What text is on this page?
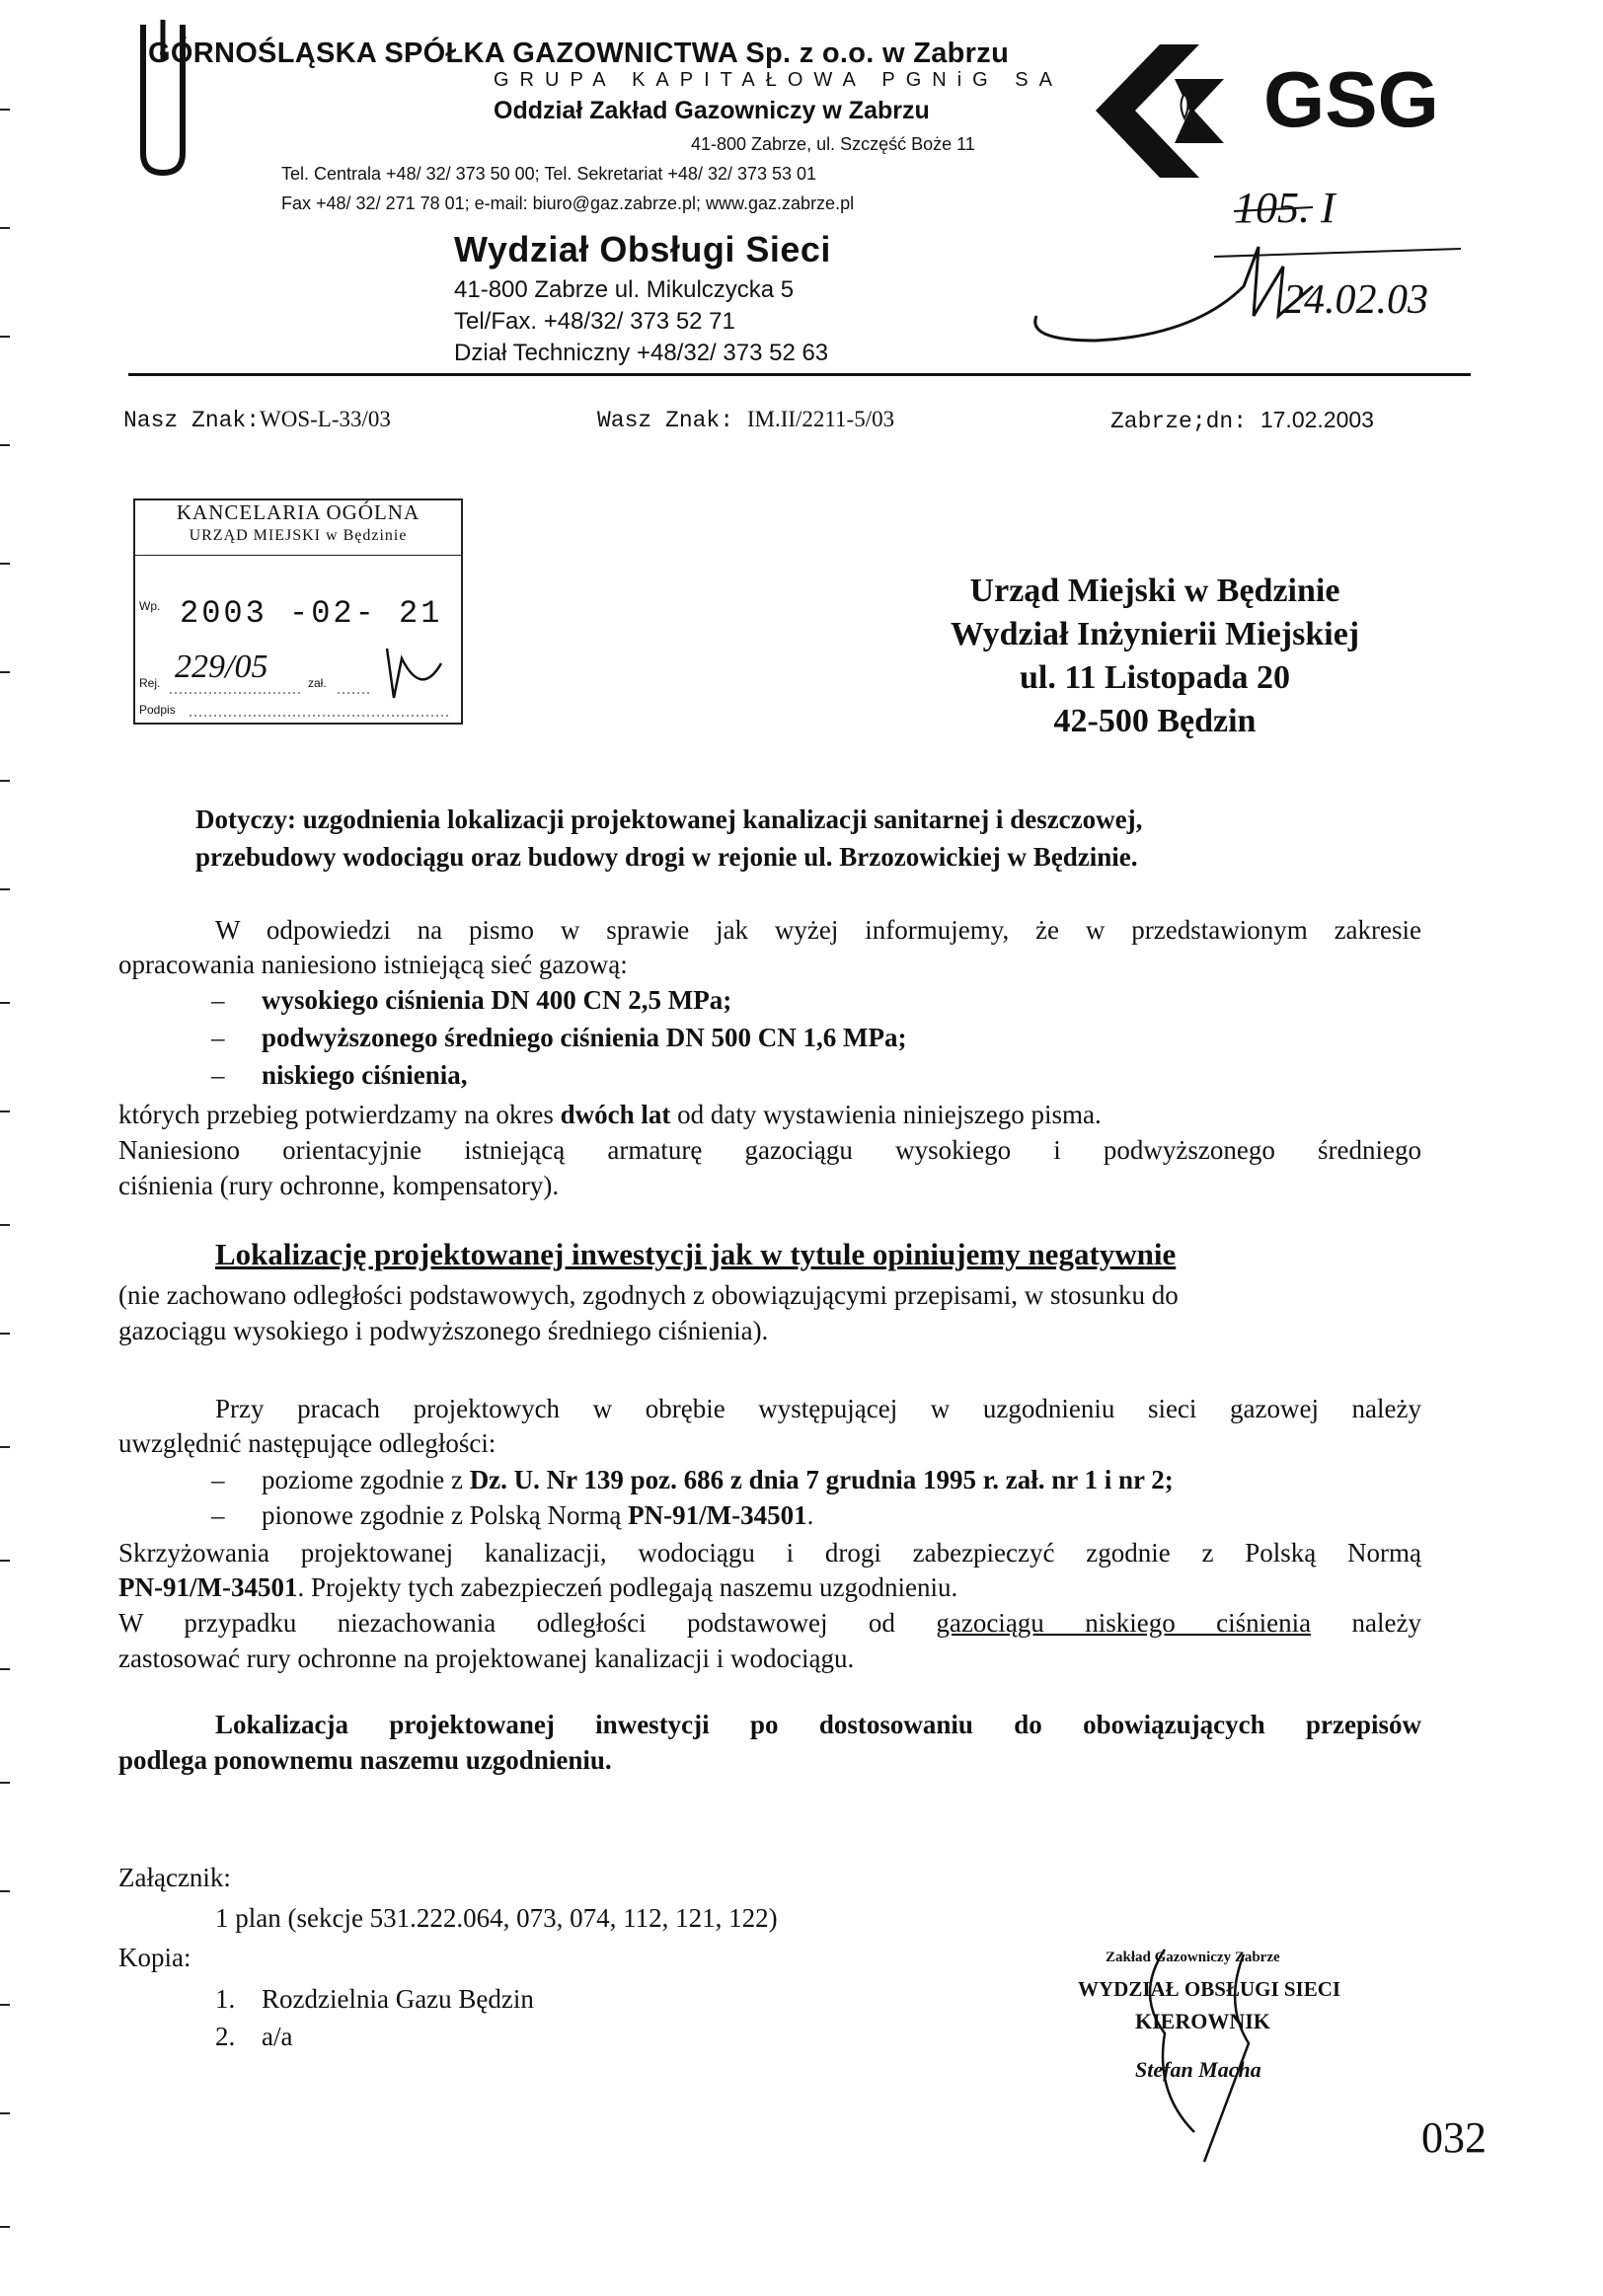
GÓRNOŚLĄSKA SPÓŁKA GAZOWNICTWA Sp. z o.o. w Zabrzu
GRUPA KAPITAŁOWA PGNiG SA
Oddział Zakład Gazowniczy w Zabrzu
41-800 Zabrze, ul. Szczęść Boże 11
Tel. Centrala +48/ 32/ 373 50 00; Tel. Sekretariat +48/ 32/ 373 53 01
Fax +48/ 32/ 271 78 01; e-mail: biuro@gaz.zabrze.pl; www.gaz.zabrze.pl
GSG
Wydział Obsługi Sieci
41-800 Zabrze ul. Mikulczycka 5
Tel/Fax. +48/32/ 373 52 71
Dział Techniczny +48/32/ 373 52 63
105. I
24.02.03
Nasz Znak:WOS-L-33/03	Wasz Znak: IM.II/2211-5/03	Zabrze;dn: 17.02.2003
KANCELARIA OGÓLNA
URZĄD MIEJSKI w Będzinie
Wp. 2003 -02- 21
229/05
Rej.	zał.
Podpis
Urząd Miejski w Będzinie
Wydział Inżynierii Miejskiej
ul. 11 Listopada 20
42-500 Będzin
Dotyczy: uzgodnienia lokalizacji projektowanej kanalizacji sanitarnej i deszczowej,
przebudowy wodociągu oraz budowy drogi w rejonie ul. Brzozowickiej w Będzinie.
W odpowiedzi na pismo w sprawie jak wyżej informujemy, że w przedstawionym zakresie
opracowania naniesiono istniejącą sieć gazową:
– wysokiego ciśnienia DN 400 CN 2,5 MPa;
– podwyższonego średniego ciśnienia DN 500 CN 1,6 MPa;
– niskiego ciśnienia,
których przebieg potwierdzamy na okres dwóch lat od daty wystawienia niniejszego pisma.
Naniesiono orientacyjnie istniejącą armaturę gazociągu wysokiego i podwyższonego średniego
ciśnienia (rury ochronne, kompensatory).
Lokalizację projektowanej inwestycji jak w tytule opiniujemy negatywnie
(nie zachowano odległości podstawowych, zgodnych z obowiązującymi przepisami, w stosunku do
gazociągu wysokiego i podwyższonego średniego ciśnienia).
Przy pracach projektowych w obrębie występującej w uzgodnieniu sieci gazowej należy
uwzględnić następujące odległości:
– poziome zgodnie z Dz. U. Nr 139 poz. 686 z dnia 7 grudnia 1995 r. zał. nr 1 i nr 2;
– pionowe zgodnie z Polską Normą PN-91/M-34501.
Skrzyżowania projektowanej kanalizacji, wodociągu i drogi zabezpieczyć zgodnie z Polską Normą
PN-91/M-34501. Projekty tych zabezpieczeń podlegają naszemu uzgodnieniu.
W przypadku niezachowania odległości podstawowej od gazociągu niskiego ciśnienia należy
zastosować rury ochronne na projektowanej kanalizacji i wodociągu.
Lokalizacja projektowanej inwestycji po dostosowaniu do obowiązujących przepisów
podlega ponownemu naszemu uzgodnieniu.
Załącznik:
1 plan (sekcje 531.222.064, 073, 074, 112, 121, 122)
Kopia:
1. Rozdzielnia Gazu Będzin
2. a/a
Zakład Gazowniczy Zabrze
WYDZIAŁ OBSŁUGI SIECI
KIEROWNIK
Stefan Macha
032
